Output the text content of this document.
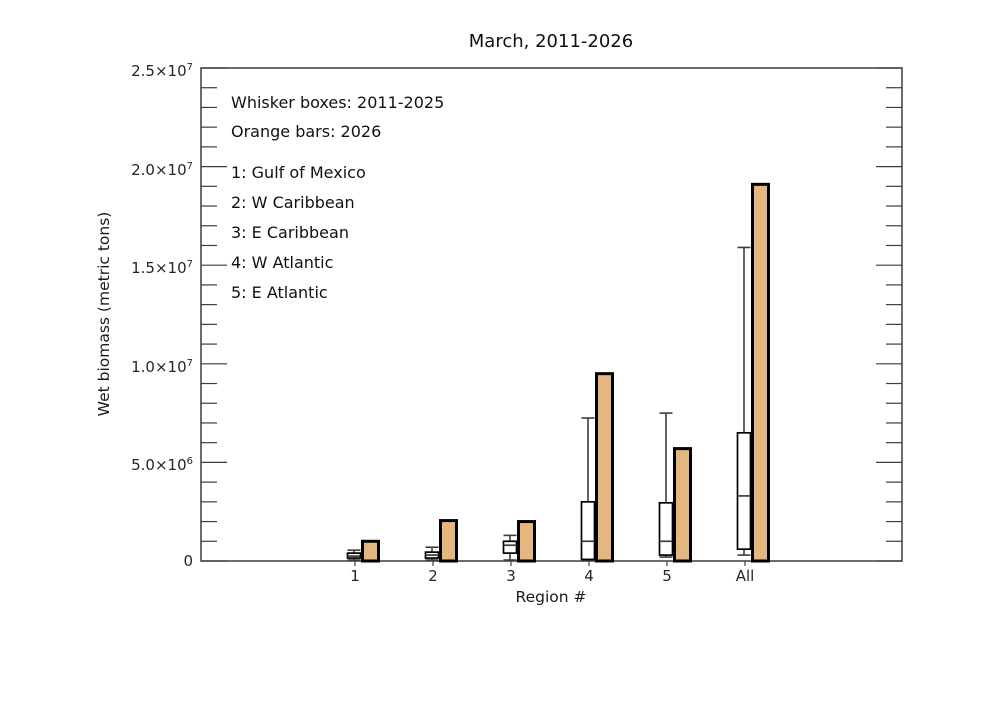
March, 2011-2026
Wet biomass (metric tons)
Whisker boxes: 2011-2025
Orange bars: 2026
1: Gulf of Mexico
2: W Caribbean
3: E Caribbean
4: W Atlantic
5: E Atlantic
0
$5.0\times 10^6$
$1.0\times 10^7$
$1.5\times 10^7$
$2.0\times 10^7$
$2.5\times 10^7$
1	2	3	4	5	All
Region #
